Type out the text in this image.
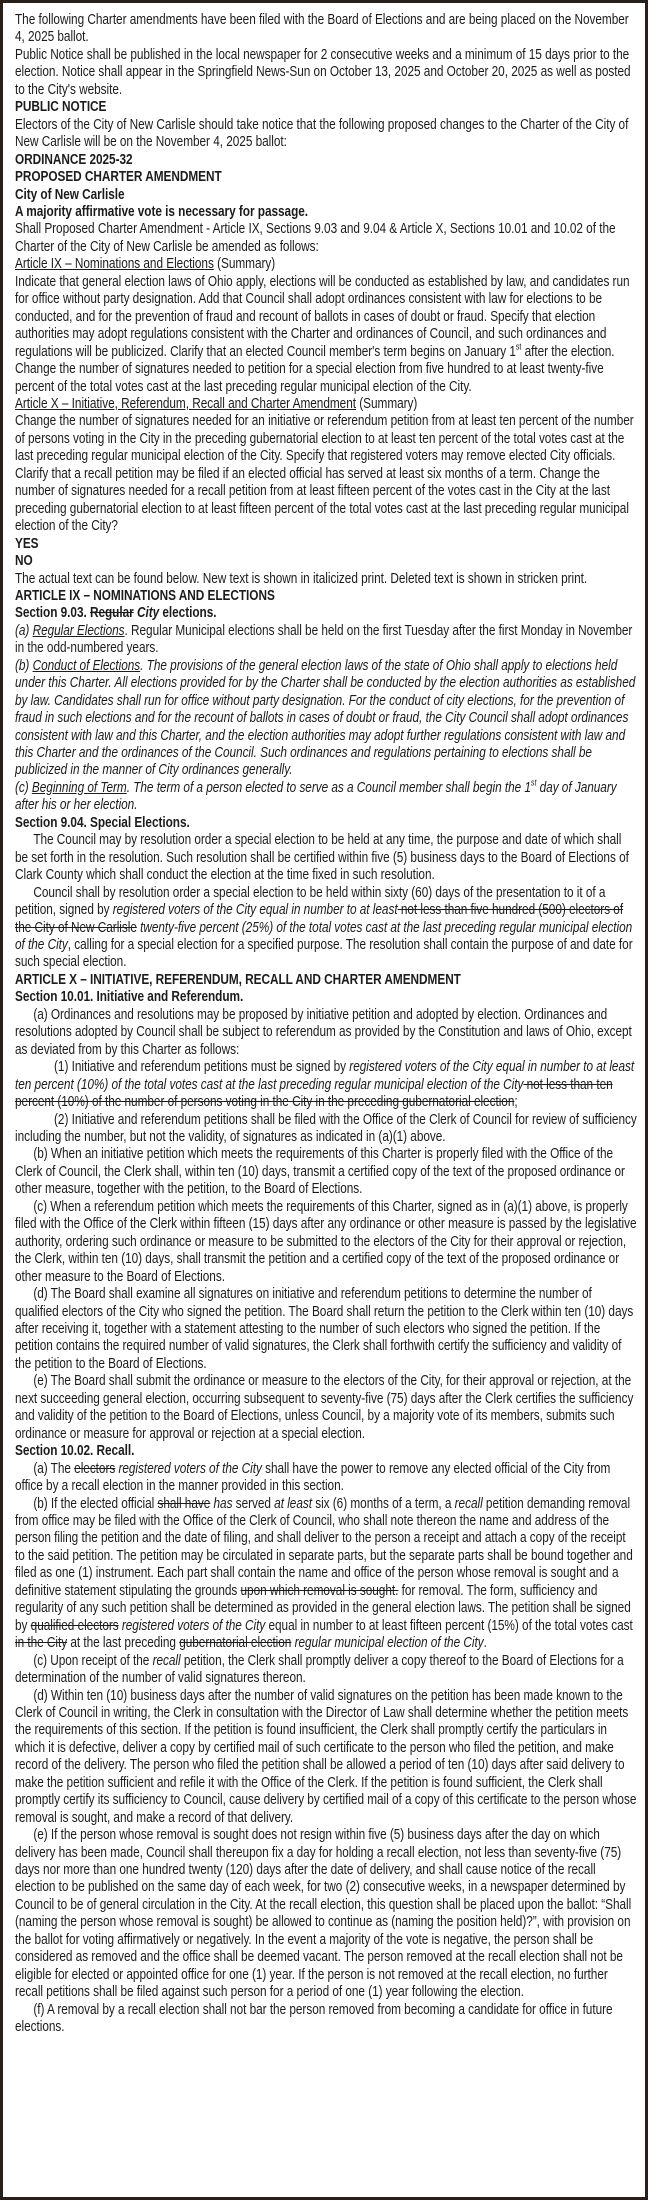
The following Charter amendments have been filed with the Board of Elections and are being placed on the November 4, 2025 ballot.

Public Notice shall be published in the local newspaper for 2 consecutive weeks and a minimum of 15 days prior to the election. Notice shall appear in the Springfield News-Sun on October 13, 2025 and October 20, 2025 as well as posted to the City's website.

PUBLIC NOTICE

Electors of the City of New Carlisle should take notice that the following proposed changes to the Charter of the City of New Carlisle will be on the November 4, 2025 ballot:

ORDINANCE 2025-32

PROPOSED CHARTER AMENDMENT

City of New Carlisle

A majority affirmative vote is necessary for passage.

Shall Proposed Charter Amendment - Article IX, Sections 9.03 and 9.04 & Article X, Sections 10.01 and 10.02 of the Charter of the City of New Carlisle be amended as follows:

Article IX – Nominations and Elections (Summary)

Indicate that general election laws of Ohio apply, elections will be conducted as established by law, and candidates run for office without party designation. Add that Council shall adopt ordinances consistent with law for elections to be conducted, and for the prevention of fraud and recount of ballots in cases of doubt or fraud. Specify that election authorities may adopt regulations consistent with the Charter and ordinances of Council, and such ordinances and regulations will be publicized. Clarify that an elected Council member's term begins on January 1st after the election. Change the number of signatures needed to petition for a special election from five hundred to at least twenty-five percent of the total votes cast at the last preceding regular municipal election of the City.

Article X – Initiative, Referendum, Recall and Charter Amendment (Summary)

Change the number of signatures needed for an initiative or referendum petition from at least ten percent of the number of persons voting in the City in the preceding gubernatorial election to at least ten percent of the total votes cast at the last preceding regular municipal election of the City. Specify that registered voters may remove elected City officials. Clarify that a recall petition may be filed if an elected official has served at least six months of a term. Change the number of signatures needed for a recall petition from at least fifteen percent of the votes cast in the City at the last preceding gubernatorial election to at least fifteen percent of the total votes cast at the last preceding regular municipal election of the City?

YES

NO

The actual text can be found below. New text is shown in italicized print. Deleted text is shown in stricken print.

ARTICLE IX – NOMINATIONS AND ELECTIONS

Section 9.03. Regular City elections.

(a) Regular Elections. Regular Municipal elections shall be held on the first Tuesday after the first Monday in November in the odd-numbered years.

(b) Conduct of Elections. The provisions of the general election laws of the state of Ohio shall apply to elections held under this Charter. All elections provided for by the Charter shall be conducted by the election authorities as established by law. Candidates shall run for office without party designation. For the conduct of city elections, for the prevention of fraud in such elections and for the recount of ballots in cases of doubt or fraud, the City Council shall adopt ordinances consistent with law and this Charter, and the election authorities may adopt further regulations consistent with law and this Charter and the ordinances of the Council. Such ordinances and regulations pertaining to elections shall be publicized in the manner of City ordinances generally.

(c) Beginning of Term. The term of a person elected to serve as a Council member shall begin the 1st day of January after his or her election.

Section 9.04. Special Elections.

The Council may by resolution order a special election to be held at any time, the purpose and date of which shall be set forth in the resolution. Such resolution shall be certified within five (5) business days to the Board of Elections of Clark County which shall conduct the election at the time fixed in such resolution.

Council shall by resolution order a special election to be held within sixty (60) days of the presentation to it of a petition, signed by registered voters of the City equal in number to at least not less than five hundred (500) electors of the City of New Carlisle twenty-five percent (25%) of the total votes cast at the last preceding regular municipal election of the City, calling for a special election for a specified purpose. The resolution shall contain the purpose of and date for such special election.

ARTICLE X – INITIATIVE, REFERENDUM, RECALL AND CHARTER AMENDMENT

Section 10.01. Initiative and Referendum.

(a) Ordinances and resolutions may be proposed by initiative petition and adopted by election. Ordinances and resolutions adopted by Council shall be subject to referendum as provided by the Constitution and laws of Ohio, except as deviated from by this Charter as follows:

(1) Initiative and referendum petitions must be signed by registered voters of the City equal in number to at least ten percent (10%) of the total votes cast at the last preceding regular municipal election of the City not less than ten percent (10%) of the number of persons voting in the City in the preceding gubernatorial election;

(2) Initiative and referendum petitions shall be filed with the Office of the Clerk of Council for review of sufficiency including the number, but not the validity, of signatures as indicated in (a)(1) above.

(b) When an initiative petition which meets the requirements of this Charter is properly filed with the Office of the Clerk of Council, the Clerk shall, within ten (10) days, transmit a certified copy of the text of the proposed ordinance or other measure, together with the petition, to the Board of Elections.

(c) When a referendum petition which meets the requirements of this Charter, signed as in (a)(1) above, is properly filed with the Office of the Clerk within fifteen (15) days after any ordinance or other measure is passed by the legislative authority, ordering such ordinance or measure to be submitted to the electors of the City for their approval or rejection, the Clerk, within ten (10) days, shall transmit the petition and a certified copy of the text of the proposed ordinance or other measure to the Board of Elections.

(d) The Board shall examine all signatures on initiative and referendum petitions to determine the number of qualified electors of the City who signed the petition. The Board shall return the petition to the Clerk within ten (10) days after receiving it, together with a statement attesting to the number of such electors who signed the petition. If the petition contains the required number of valid signatures, the Clerk shall forthwith certify the sufficiency and validity of the petition to the Board of Elections.

(e) The Board shall submit the ordinance or measure to the electors of the City, for their approval or rejection, at the next succeeding general election, occurring subsequent to seventy-five (75) days after the Clerk certifies the sufficiency and validity of the petition to the Board of Elections, unless Council, by a majority vote of its members, submits such ordinance or measure for approval or rejection at a special election.

Section 10.02. Recall.

(a) The electors registered voters of the City shall have the power to remove any elected official of the City from office by a recall election in the manner provided in this section.

(b) If the elected official shall have has served at least six (6) months of a term, a recall petition demanding removal from office may be filed with the Office of the Clerk of Council, who shall note thereon the name and address of the person filing the petition and the date of filing, and shall deliver to the person a receipt and attach a copy of the receipt to the said petition. The petition may be circulated in separate parts, but the separate parts shall be bound together and filed as one (1) instrument. Each part shall contain the name and office of the person whose removal is sought and a definitive statement stipulating the grounds upon which removal is sought. for removal. The form, sufficiency and regularity of any such petition shall be determined as provided in the general election laws. The petition shall be signed by qualified electors registered voters of the City equal in number to at least fifteen percent (15%) of the total votes cast in the City at the last preceding gubernatorial election regular municipal election of the City.

(c) Upon receipt of the recall petition, the Clerk shall promptly deliver a copy thereof to the Board of Elections for a determination of the number of valid signatures thereon.

(d) Within ten (10) business days after the number of valid signatures on the petition has been made known to the Clerk of Council in writing, the Clerk in consultation with the Director of Law shall determine whether the petition meets the requirements of this section. If the petition is found insufficient, the Clerk shall promptly certify the particulars in which it is defective, deliver a copy by certified mail of such certificate to the person who filed the petition, and make record of the delivery. The person who filed the petition shall be allowed a period of ten (10) days after said delivery to make the petition sufficient and refile it with the Office of the Clerk. If the petition is found sufficient, the Clerk shall promptly certify its sufficiency to Council, cause delivery by certified mail of a copy of this certificate to the person whose removal is sought, and make a record of that delivery.

(e) If the person whose removal is sought does not resign within five (5) business days after the day on which delivery has been made, Council shall thereupon fix a day for holding a recall election, not less than seventy-five (75) days nor more than one hundred twenty (120) days after the date of delivery, and shall cause notice of the recall election to be published on the same day of each week, for two (2) consecutive weeks, in a newspaper determined by Council to be of general circulation in the City. At the recall election, this question shall be placed upon the ballot: “Shall (naming the person whose removal is sought) be allowed to continue as (naming the position held)?”, with provision on the ballot for voting affirmatively or negatively. In the event a majority of the vote is negative, the person shall be considered as removed and the office shall be deemed vacant. The person removed at the recall election shall not be eligible for elected or appointed office for one (1) year. If the person is not removed at the recall election, no further recall petitions shall be filed against such person for a period of one (1) year following the election.

(f) A removal by a recall election shall not bar the person removed from becoming a candidate for office in future elections.
